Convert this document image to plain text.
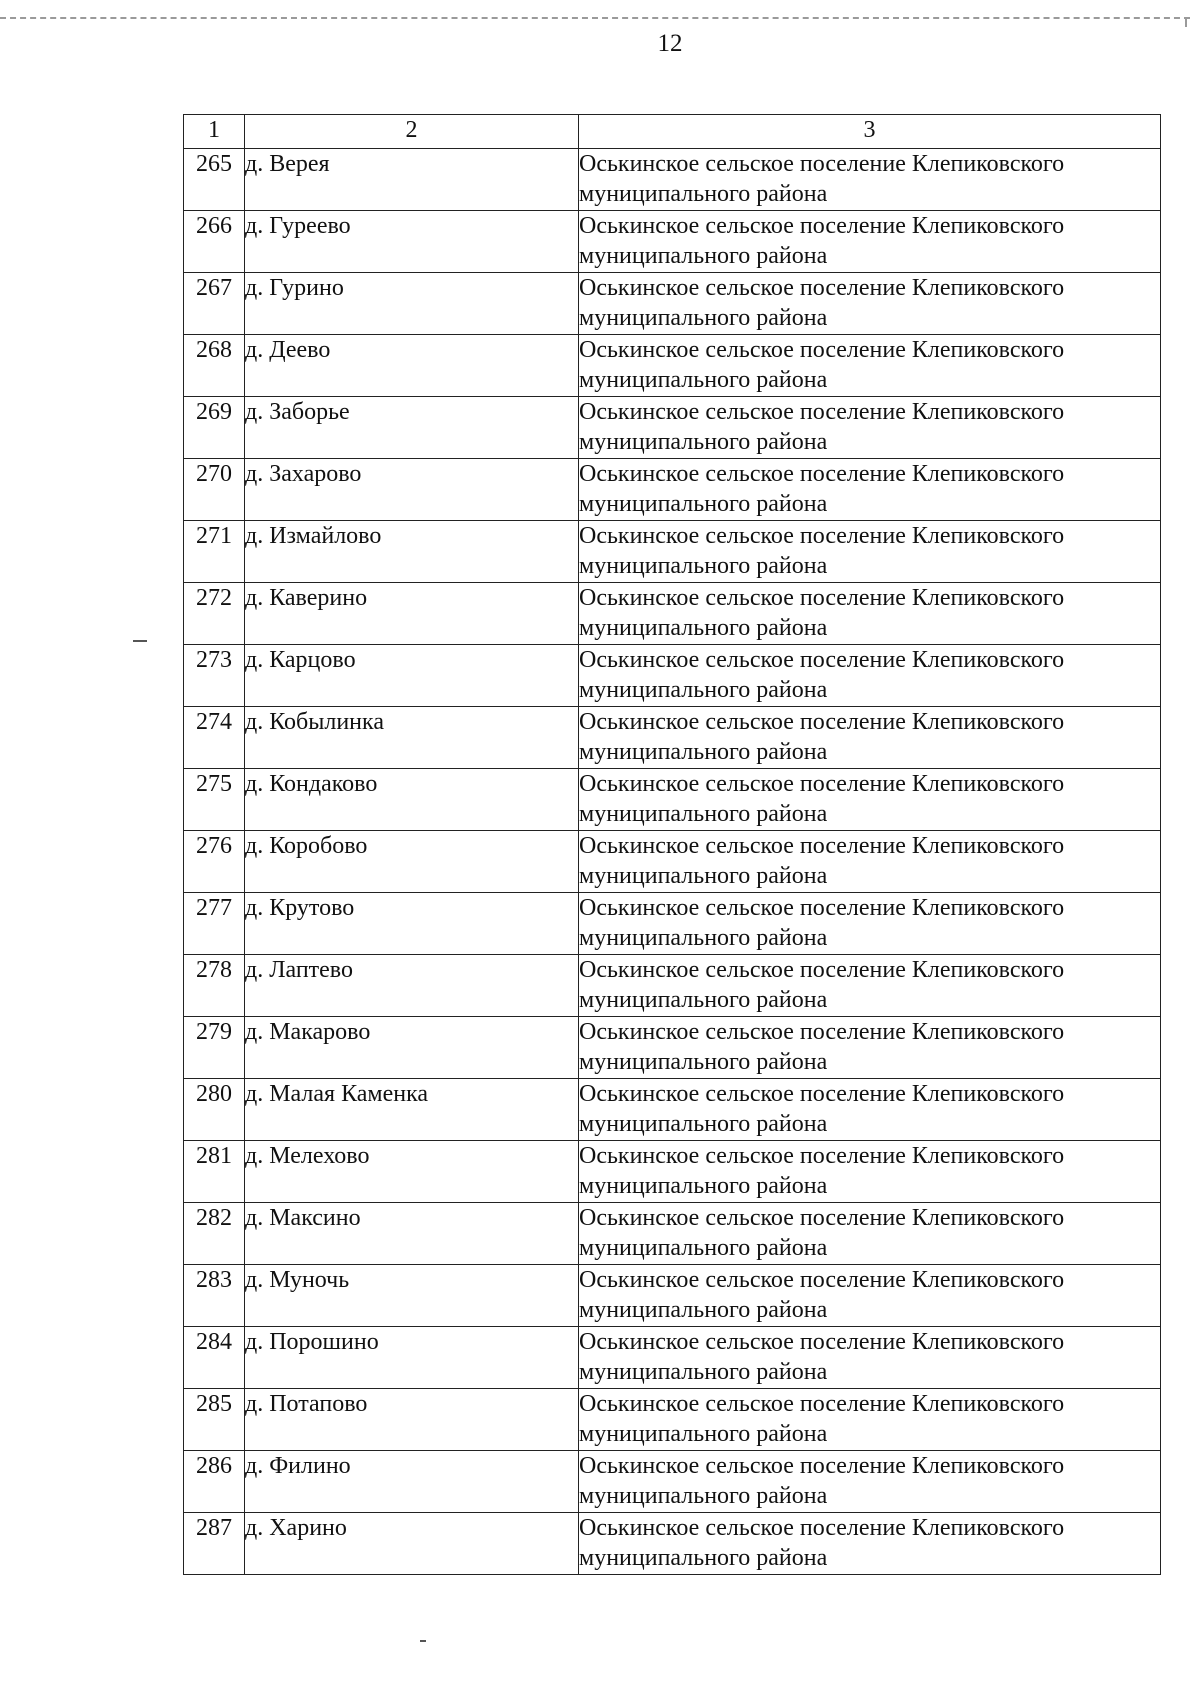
12
1	2	3
265	д. Верея	Оськинское сельское поселение Клепиковского муниципального района
266	д. Гуреево	Оськинское сельское поселение Клепиковского муниципального района
267	д. Гурино	Оськинское сельское поселение Клепиковского муниципального района
268	д. Деево	Оськинское сельское поселение Клепиковского муниципального района
269	д. Заборье	Оськинское сельское поселение Клепиковского муниципального района
270	д. Захарово	Оськинское сельское поселение Клепиковского муниципального района
271	д. Измайлово	Оськинское сельское поселение Клепиковского муниципального района
272	д. Каверино	Оськинское сельское поселение Клепиковского муниципального района
273	д. Карцово	Оськинское сельское поселение Клепиковского муниципального района
274	д. Кобылинка	Оськинское сельское поселение Клепиковского муниципального района
275	д. Кондаково	Оськинское сельское поселение Клепиковского муниципального района
276	д. Коробово	Оськинское сельское поселение Клепиковского муниципального района
277	д. Крутово	Оськинское сельское поселение Клепиковского муниципального района
278	д. Лаптево	Оськинское сельское поселение Клепиковского муниципального района
279	д. Макарово	Оськинское сельское поселение Клепиковского муниципального района
280	д. Малая Каменка	Оськинское сельское поселение Клепиковского муниципального района
281	д. Мелехово	Оськинское сельское поселение Клепиковского муниципального района
282	д. Максино	Оськинское сельское поселение Клепиковского муниципального района
283	д. Муночь	Оськинское сельское поселение Клепиковского муниципального района
284	д. Порошино	Оськинское сельское поселение Клепиковского муниципального района
285	д. Потапово	Оськинское сельское поселение Клепиковского муниципального района
286	д. Филино	Оськинское сельское поселение Клепиковского муниципального района
287	д. Харино	Оськинское сельское поселение Клепиковского муниципального района
